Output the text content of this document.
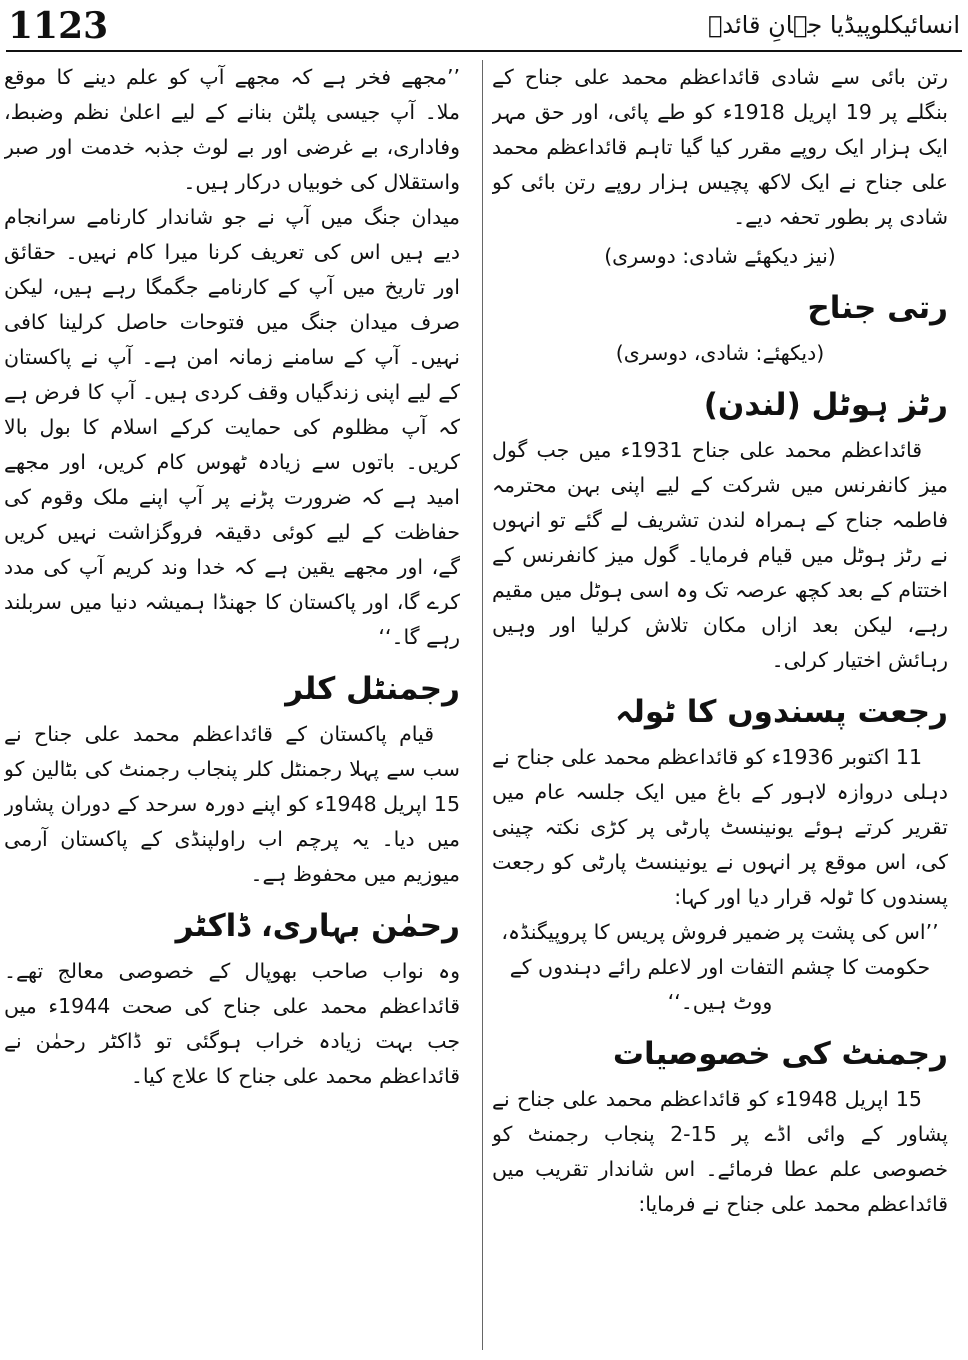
1123	انسائیکلوپیڈیا جہانِ قائدؒ

رتن بائی سے شادی قائداعظم محمد علی جناح کے بنگلے پر 19 اپریل 1918ء کو طے پائی، اور حق مہر ایک ہزار ایک روپے مقرر کیا گیا تاہم قائداعظم محمد علی جناح نے ایک لاکھ پچیس ہزار روپے رتن بائی کو شادی پر بطور تحفہ دیے۔

(نیز دیکھئے شادی: دوسری)

رتی جناح

(دیکھئے: شادی، دوسری)

رٹز ہوٹل (لندن)

قائداعظم محمد علی جناح 1931ء میں جب گول میز کانفرنس میں شرکت کے لیے اپنی بہن محترمہ فاطمہ جناح کے ہمراہ لندن تشریف لے گئے تو انہوں نے رٹز ہوٹل میں قیام فرمایا۔ گول میز کانفرنس کے اختتام کے بعد کچھ عرصہ تک وہ اسی ہوٹل میں مقیم رہے، لیکن بعد ازاں مکان تلاش کرلیا اور وہیں رہائش اختیار کرلی۔

رجعت پسندوں کا ٹولہ

11 اکتوبر 1936ء کو قائداعظم محمد علی جناح نے دہلی دروازہ لاہور کے باغ میں ایک جلسہ عام میں تقریر کرتے ہوئے یونینسٹ پارٹی پر کڑی نکتہ چینی کی، اس موقع پر انہوں نے یونینسٹ پارٹی کو رجعت پسندوں کا ٹولہ قرار دیا اور کہا:

’’اس کی پشت پر ضمیر فروش پریس کا پروپیگنڈہ، حکومت کا چشم التفات اور لاعلم رائے دہندوں کے ووٹ ہیں۔‘‘

رجمنٹ کی خصوصیات

15 اپریل 1948ء کو قائداعظم محمد علی جناح نے پشاور کے وائی اڈے پر 15-2 پنجاب رجمنٹ کو خصوصی علم عطا فرمائے۔ اس شاندار تقریب میں قائداعظم محمد علی جناح نے فرمایا:

’’مجھے فخر ہے کہ مجھے آپ کو علم دینے کا موقع ملا۔ آپ جیسی پلٹن بنانے کے لیے اعلیٰ نظم وضبط، وفاداری، بے غرضی اور بے لوث جذبہ خدمت اور صبر واستقلال کی خوبیاں درکار ہیں۔

میدان جنگ میں آپ نے جو شاندار کارنامے سرانجام دیے ہیں اس کی تعریف کرنا میرا کام نہیں۔ حقائق اور تاریخ میں آپ کے کارنامے جگمگا رہے ہیں، لیکن صرف میدان جنگ میں فتوحات حاصل کرلینا کافی نہیں۔ آپ کے سامنے زمانہ امن ہے۔ آپ نے پاکستان کے لیے اپنی زندگیاں وقف کردی ہیں۔ آپ کا فرض ہے کہ آپ مظلوم کی حمایت کرکے اسلام کا بول بالا کریں۔ باتوں سے زیادہ ٹھوس کام کریں، اور مجھے امید ہے کہ ضرورت پڑنے پر آپ اپنے ملک وقوم کی حفاظت کے لیے کوئی دقیقہ فروگزاشت نہیں کریں گے، اور مجھے یقین ہے کہ خدا وند کریم آپ کی مدد کرے گا، اور پاکستان کا جھنڈا ہمیشہ دنیا میں سربلند رہے گا۔‘‘

رجمنٹل کلر

قیام پاکستان کے قائداعظم محمد علی جناح نے سب سے پہلا رجمنٹل کلر پنجاب رجمنٹ کی بٹالین کو 15 اپریل 1948ء کو اپنے دورہ سرحد کے دوران پشاور میں دیا۔ یہ پرچم اب راولپنڈی کے پاکستان آرمی میوزیم میں محفوظ ہے۔

رحمٰن بہاری، ڈاکٹر

وہ نواب صاحب بھوپال کے خصوصی معالج تھے۔ قائداعظم محمد علی جناح کی صحت 1944ء میں جب بہت زیادہ خراب ہوگئی تو ڈاکٹر رحمٰن نے قائداعظم محمد علی جناح کا علاج کیا۔
